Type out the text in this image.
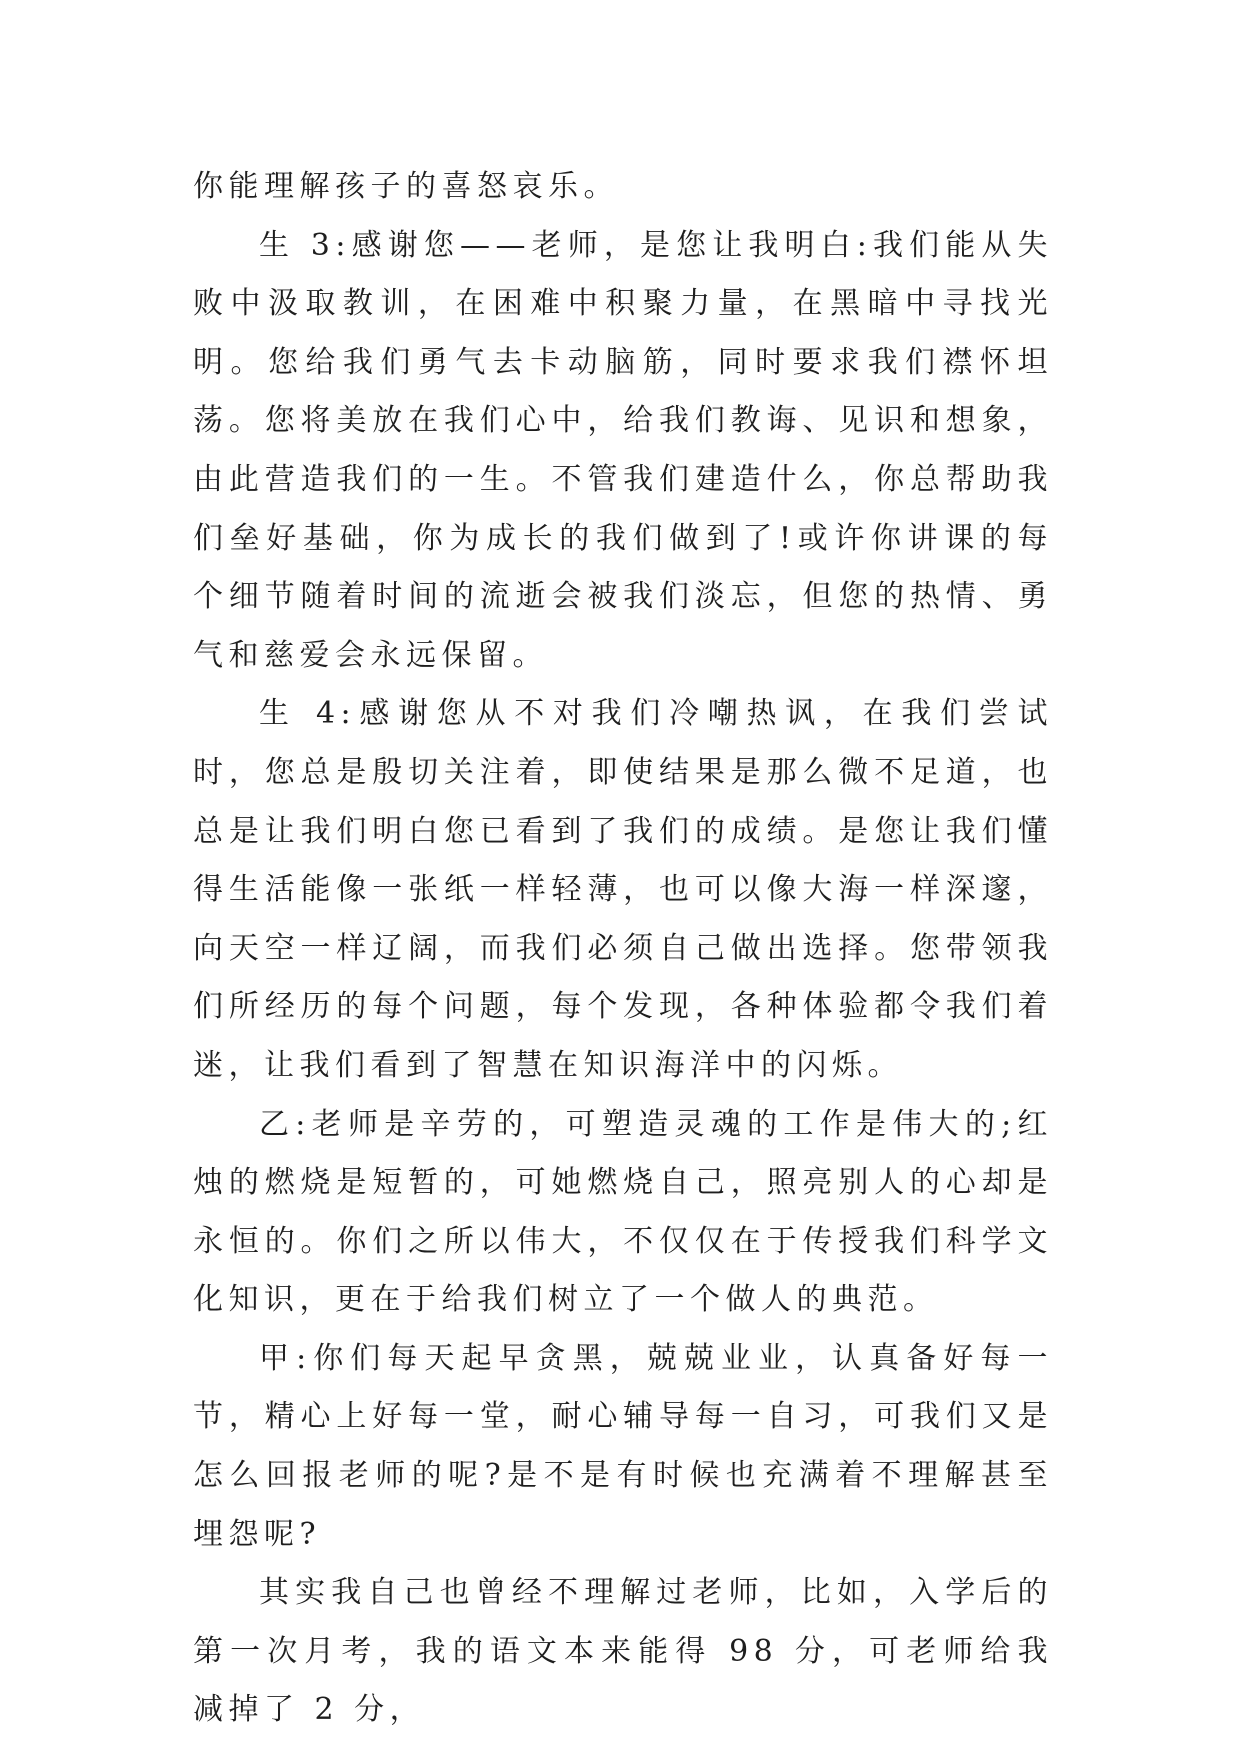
你能理解孩子的喜怒哀乐。

生 3:感谢您——老师，是您让我明白:我们能从失败中汲取教训，在困难中积聚力量，在黑暗中寻找光明。您给我们勇气去卡动脑筋，同时要求我们襟怀坦荡。您将美放在我们心中，给我们教诲、见识和想象，由此营造我们的一生。不管我们建造什么，你总帮助我们垒好基础，你为成长的我们做到了!或许你讲课的每个细节随着时间的流逝会被我们淡忘，但您的热情、勇气和慈爱会永远保留。

生 4:感谢您从不对我们冷嘲热讽，在我们尝试时，您总是殷切关注着，即使结果是那么微不足道，也总是让我们明白您已看到了我们的成绩。是您让我们懂得生活能像一张纸一样轻薄，也可以像大海一样深邃，向天空一样辽阔，而我们必须自己做出选择。您带领我们所经历的每个问题，每个发现，各种体验都令我们着迷，让我们看到了智慧在知识海洋中的闪烁。

乙:老师是辛劳的，可塑造灵魂的工作是伟大的;红烛的燃烧是短暂的，可她燃烧自己，照亮别人的心却是永恒的。你们之所以伟大，不仅仅在于传授我们科学文化知识，更在于给我们树立了一个做人的典范。

甲:你们每天起早贪黑，兢兢业业，认真备好每一节，精心上好每一堂，耐心辅导每一自习，可我们又是怎么回报老师的呢?是不是有时候也充满着不理解甚至埋怨呢?

其实我自己也曾经不理解过老师，比如，入学后的第一次月考，我的语文本来能得 98 分，可老师给我减掉了 2 分，
